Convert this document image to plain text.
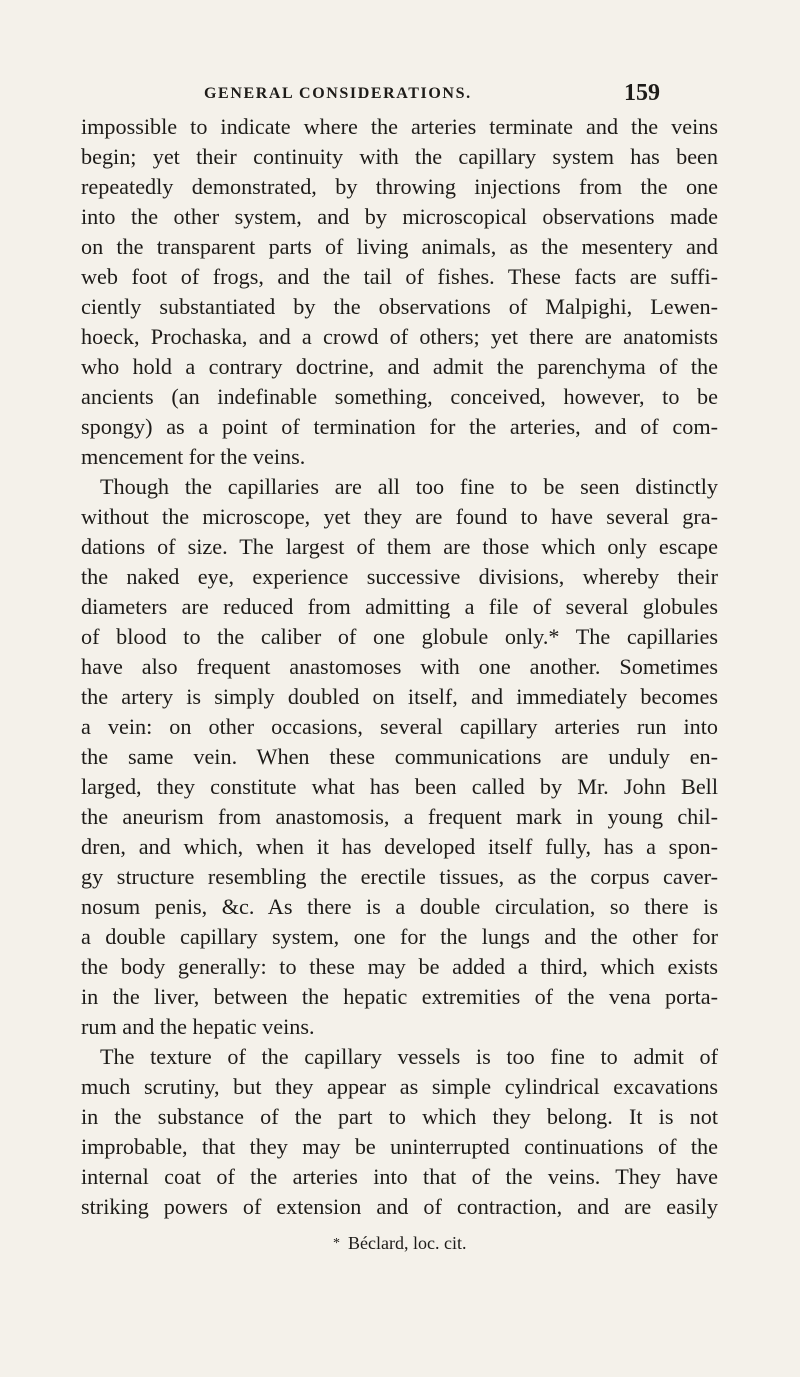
GENERAL CONSIDERATIONS.	159
impossible to indicate where the arteries terminate and the veins
begin; yet their continuity with the capillary system has been
repeatedly demonstrated, by throwing injections from the one
into the other system, and by microscopical observations made
on the transparent parts of living animals, as the mesentery and
web foot of frogs, and the tail of fishes. These facts are suffi-
ciently substantiated by the observations of Malpighi, Lewen-
hoeck, Prochaska, and a crowd of others; yet there are anatomists
who hold a contrary doctrine, and admit the parenchyma of the
ancients (an indefinable something, conceived, however, to be
spongy) as a point of termination for the arteries, and of com-
mencement for the veins.
Though the capillaries are all too fine to be seen distinctly
without the microscope, yet they are found to have several gra-
dations of size. The largest of them are those which only escape
the naked eye, experience successive divisions, whereby their
diameters are reduced from admitting a file of several globules
of blood to the caliber of one globule only.* The capillaries
have also frequent anastomoses with one another. Sometimes
the artery is simply doubled on itself, and immediately becomes
a vein: on other occasions, several capillary arteries run into
the same vein. When these communications are unduly en-
larged, they constitute what has been called by Mr. John Bell
the aneurism from anastomosis, a frequent mark in young chil-
dren, and which, when it has developed itself fully, has a spon-
gy structure resembling the erectile tissues, as the corpus caver-
nosum penis, &c. As there is a double circulation, so there is
a double capillary system, one for the lungs and the other for
the body generally: to these may be added a third, which exists
in the liver, between the hepatic extremities of the vena porta-
rum and the hepatic veins.
The texture of the capillary vessels is too fine to admit of
much scrutiny, but they appear as simple cylindrical excavations
in the substance of the part to which they belong. It is not
improbable, that they may be uninterrupted continuations of the
internal coat of the arteries into that of the veins. They have
striking powers of extension and of contraction, and are easily
* Béclard, loc. cit.
